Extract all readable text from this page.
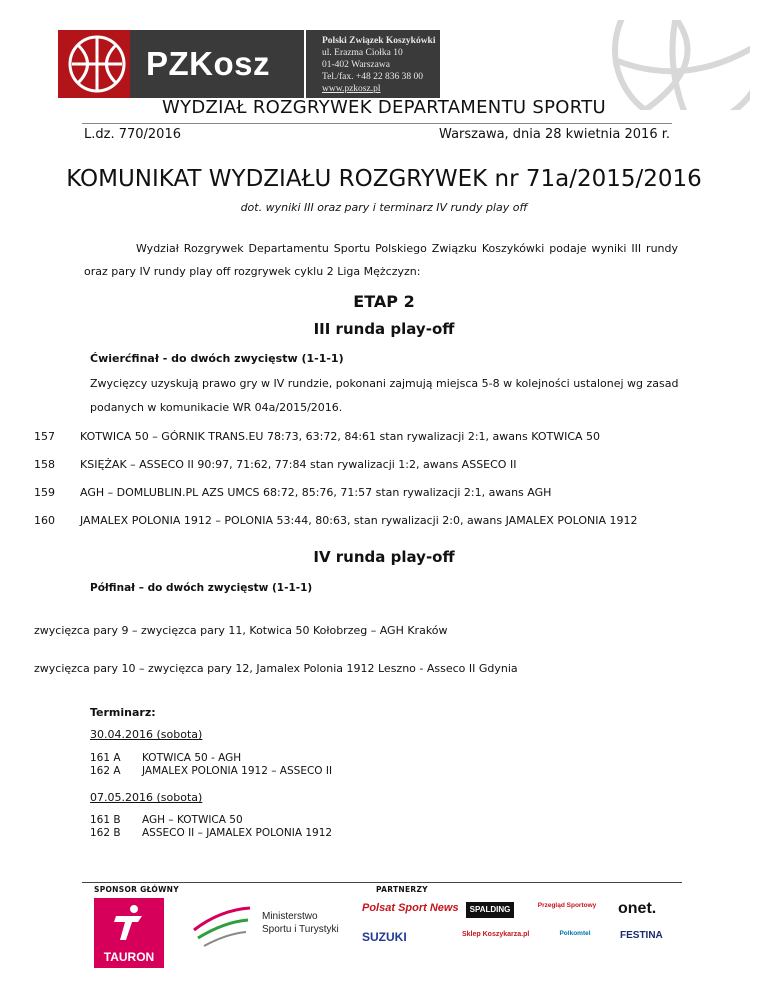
PZKosz
Polski Związek Koszykówki
ul. Erazma Ciołka 10
01-402 Warszawa
Tel./fax. +48 22 836 38 00
www.pzkosz.pl
WYDZIAŁ ROZGRYWEK DEPARTAMENTU SPORTU
L.dz. 770/2016	Warszawa, dnia 28 kwietnia 2016 r.
KOMUNIKAT WYDZIAŁU ROZGRYWEK nr 71a/2015/2016
dot. wyniki III oraz pary i terminarz IV rundy play off
Wydział Rozgrywek Departamentu Sportu Polskiego Związku Koszykówki podaje wyniki III rundy oraz pary IV rundy play off rozgrywek cyklu 2 Liga Mężczyzn:
ETAP 2
III runda play-off
Ćwierćfinał - do dwóch zwycięstw (1-1-1)
Zwycięzcy uzyskują prawo gry w IV rundzie, pokonani zajmują miejsca 5-8 w kolejności ustalonej wg zasad podanych w komunikacie WR 04a/2015/2016.
157	KOTWICA 50 – GÓRNIK TRANS.EU 78:73, 63:72, 84:61 stan rywalizacji 2:1, awans KOTWICA 50
158	KSIĘŻAK – ASSECO II 90:97, 71:62, 77:84 stan rywalizacji 1:2, awans ASSECO II
159	AGH – DOMLUBLIN.PL AZS UMCS 68:72, 85:76, 71:57 stan rywalizacji 2:1, awans AGH
160	JAMALEX POLONIA 1912 – POLONIA 53:44, 80:63, stan rywalizacji 2:0, awans JAMALEX POLONIA 1912
IV runda play-off
Półfinał – do dwóch zwycięstw (1-1-1)
zwycięzca pary 9 – zwycięzca pary 11, Kotwica 50 Kołobrzeg – AGH Kraków
zwycięzca pary 10 – zwycięzca pary 12, Jamalex Polonia 1912 Leszno - Asseco II Gdynia
Terminarz:
30.04.2016 (sobota)
161 A	KOTWICA 50 - AGH
162 A	JAMALEX POLONIA 1912 – ASSECO II
07.05.2016 (sobota)
161 B	AGH – KOTWICA 50
162 B	ASSECO II – JAMALEX POLONIA 1912
SPONSOR GŁÓWNY	PARTNERZY
TAURON
Ministerstwo
Sportu i Turystyki
Polsat Sport News	SPALDING	Przegląd Sportowy onet.
SUZUKI	Sklep Koszykarza.pl	Polkomtel	FESTINA
